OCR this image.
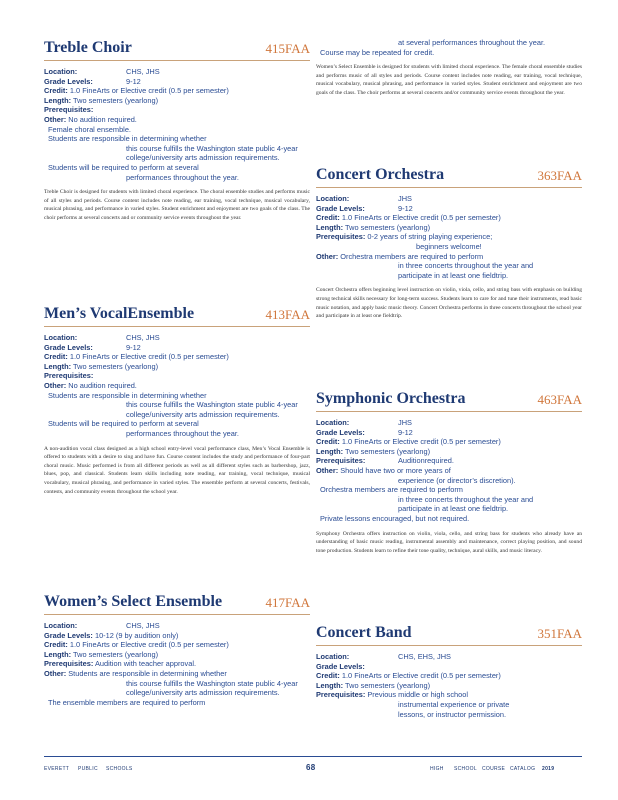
Treble Choir	415FAA
Location:	CHS, JHS
Grade Levels:	9-12
Credit: 1.0 FineArts or Elective credit (0.5 per semester)
Length: Two semesters (yearlong)
Prerequisites:
Other: No audition required.
Female choral ensemble.
Students are responsible in determining whether
this course fulfills the Washington state public 4-year
college/university arts admission requirements.
Students will be required to perform at several
performances throughout the year.
Treble Choir is designed for students with limited choral experience. The choral ensemble studies and performs music of all styles and periods. Course content includes note reading, ear training, vocal technique, musical vocabulary, musical phrasing, and performance in varied styles. Student enrichment and enjoyment are two goals of the class. The choir performs at several concerts and or community service events throughout the year.
Men’s VocalEnsemble	413FAA
Location:	CHS, JHS
Grade Levels:	9-12
Credit: 1.0 FineArts or Elective credit (0.5 per semester)
Length: Two semesters (yearlong)
Prerequisites:
Other: No audition required.
Students are responsible in determining whether
this course fulfills the Washington state public 4-year
college/university arts admission requirements.
Students will be required to perform at several
performances throughout the year.
A non-audition vocal class designed as a high school entry-level vocal performance class, Men’s Vocal Ensemble is offered to students with a desire to sing and have fun. Course content includes the study and performance of four-part choral music. Music performed is from all different periods as well as all different styles such as barbershop, jazz, blues, pop, and classical. Students learn skills including note reading, ear training, vocal technique, musical vocabulary, musical phrasing, and performance in varied styles. The ensemble perform at several concerts, festivals, contests, and community events throughout the school year.
Women’s Select Ensemble	417FAA
Location:	CHS, JHS
Grade Levels: 10-12 (9 by audition only)
Credit: 1.0 FineArts or Elective credit (0.5 per semester)
Length: Two semesters (yearlong)
Prerequisites: Audition with teacher approval.
Other: Students are responsible in determining whether
this course fulfills the Washington state public 4-year
college/university arts admission requirements.
The ensemble members are required to perform
at several performances throughout the year.
Course may be repeated for credit.
Women’s Select Ensemble is designed for students with limited choral experience. The female choral ensemble studies and performs music of all styles and periods. Course content includes note reading, ear training, vocal technique, musical vocabulary, musical phrasing, and performance in varied styles. Student enrichment and enjoyment are two goals of the class. The choir performs at several concerts and/or community service events throughout the year.
Concert Orchestra	363FAA
Location:	JHS
Grade Levels:	9-12
Credit: 1.0 FineArts or Elective credit (0.5 per semester)
Length: Two semesters (yearlong)
Prerequisites: 0-2 years of string playing experience;
beginners welcome!
Other: Orchestra members are required to perform
in three concerts throughout the year and
participate in at least one fieldtrip.
Concert Orchestra offers beginning level instruction on violin, viola, cello, and string bass with emphasis on building strong technical skills necessary for long-term success. Students learn to care for and tune their instruments, read basic music notation, and apply basic music theory. Concert Orchestra performs in three concerts throughout the school year and participate in at least one fieldtrip.
Symphonic Orchestra	463FAA
Location:	JHS
Grade Levels:	9-12
Credit: 1.0 FineArts or Elective credit (0.5 per semester)
Length: Two semesters (yearlong)
Prerequisites:	Auditionrequired.
Other: Should have two or more years of
experience (or director’s discretion).
Orchestra members are required to perform
in three concerts throughout the year and
participate in at least one fieldtrip.
Private lessons encouraged, but not required.
Symphony Orchestra offers instruction on violin, viola, cello, and string bass for students who already have an understanding of basic music reading, instrumental assembly and maintenance, correct playing position, and sound tone production. Students learn to refine their tone quality, technique, aural skills, and music literacy.
Concert Band	351FAA
Location:	CHS, EHS, JHS
Grade Levels:
Credit: 1.0 FineArts or Elective credit (0.5 per semester)
Length: Two semesters (yearlong)
Prerequisites: Previous middle or high school
instrumental experience or private
lessons, or instructor permission.
EVERETT PUBLIC SCHOOLS	68	HIGH SCHOOL COURSE CATALOG 2019
